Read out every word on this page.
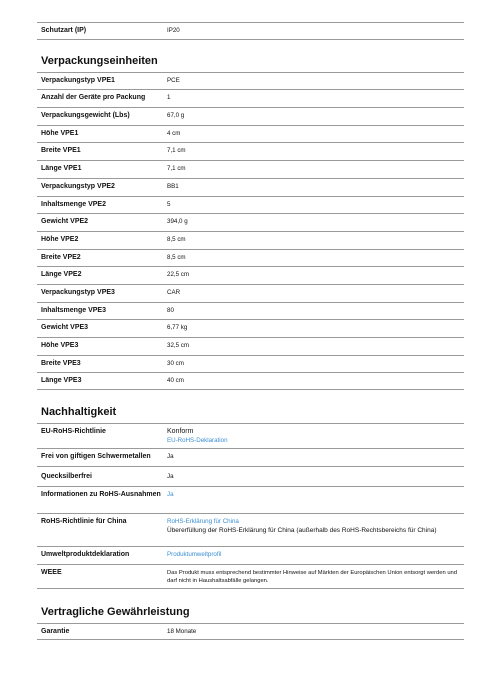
Schutzart (IP)	IP20
Verpackungseinheiten
Verpackungstyp VPE1	PCE
Anzahl der Geräte pro Packung	1
Verpackungsgewicht (Lbs)	67,0 g
Höhe VPE1	4 cm
Breite VPE1	7,1 cm
Länge VPE1	7,1 cm
Verpackungstyp VPE2	BB1
Inhaltsmenge VPE2	5
Gewicht VPE2	394,0 g
Höhe VPE2	8,5 cm
Breite VPE2	8,5 cm
Länge VPE2	22,5 cm
Verpackungstyp VPE3	CAR
Inhaltsmenge VPE3	80
Gewicht VPE3	6,77 kg
Höhe VPE3	32,5 cm
Breite VPE3	30 cm
Länge VPE3	40 cm
Nachhaltigkeit
EU-RoHS-Richtlinie	Konform
EU-RoHS-Deklaration
Frei von giftigen Schwermetallen	Ja
Quecksilberfrei	Ja
Informationen zu RoHS-Ausnahmen	Ja
RoHS-Richtlinie für China	RoHS-Erklärung für China
Übererfüllung der RoHS-Erklärung für China (außerhalb des RoHS-Rechtsbereichs für China)
Umweltproduktdeklaration	Produktumweltprofil
WEEE	Das Produkt muss entsprechend bestimmter Hinweise auf Märkten der Europäischen Union entsorgt werden und darf nicht in Haushaltsabfälle gelangen.
Vertragliche Gewährleistung
Garantie	18 Monate
